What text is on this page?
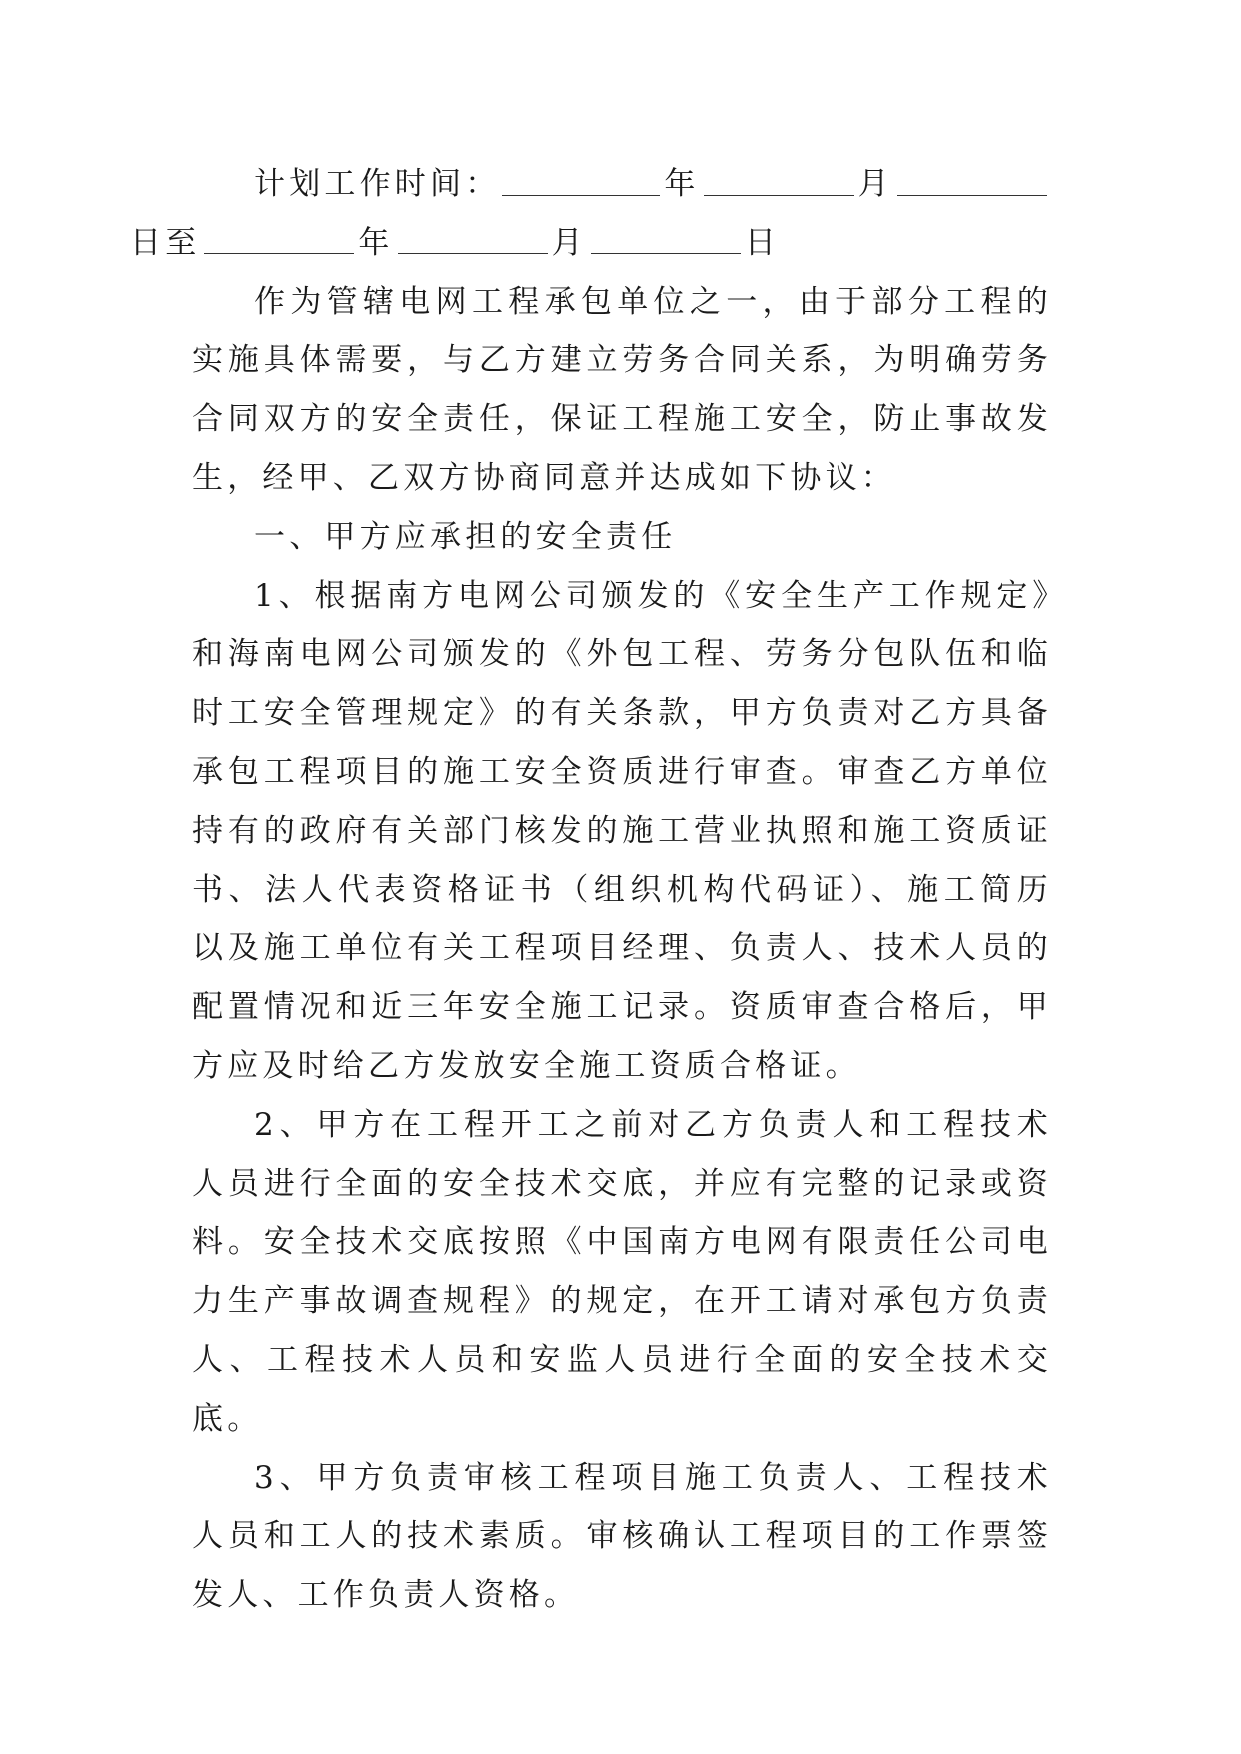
计划工作时间：	年	月
日至	年	月	日

作为管辖电网工程承包单位之一，由于部分工程的实施具体需要，与乙方建立劳务合同关系，为明确劳务合同双方的安全责任，保证工程施工安全，防止事故发生，经甲、乙双方协商同意并达成如下协议：

一、甲方应承担的安全责任

1、根据南方电网公司颁发的《安全生产工作规定》和海南电网公司颁发的《外包工程、劳务分包队伍和临时工安全管理规定》的有关条款，甲方负责对乙方具备承包工程项目的施工安全资质进行审查。审查乙方单位持有的政府有关部门核发的施工营业执照和施工资质证书、法人代表资格证书（组织机构代码证）、施工简历以及施工单位有关工程项目经理、负责人、技术人员的配置情况和近三年安全施工记录。资质审查合格后，甲方应及时给乙方发放安全施工资质合格证。

2、甲方在工程开工之前对乙方负责人和工程技术人员进行全面的安全技术交底，并应有完整的记录或资料。安全技术交底按照《中国南方电网有限责任公司电力生产事故调查规程》的规定，在开工请对承包方负责人、工程技术人员和安监人员进行全面的安全技术交底。

3、甲方负责审核工程项目施工负责人、工程技术人员和工人的技术素质。审核确认工程项目的工作票签发人、工作负责人资格。
